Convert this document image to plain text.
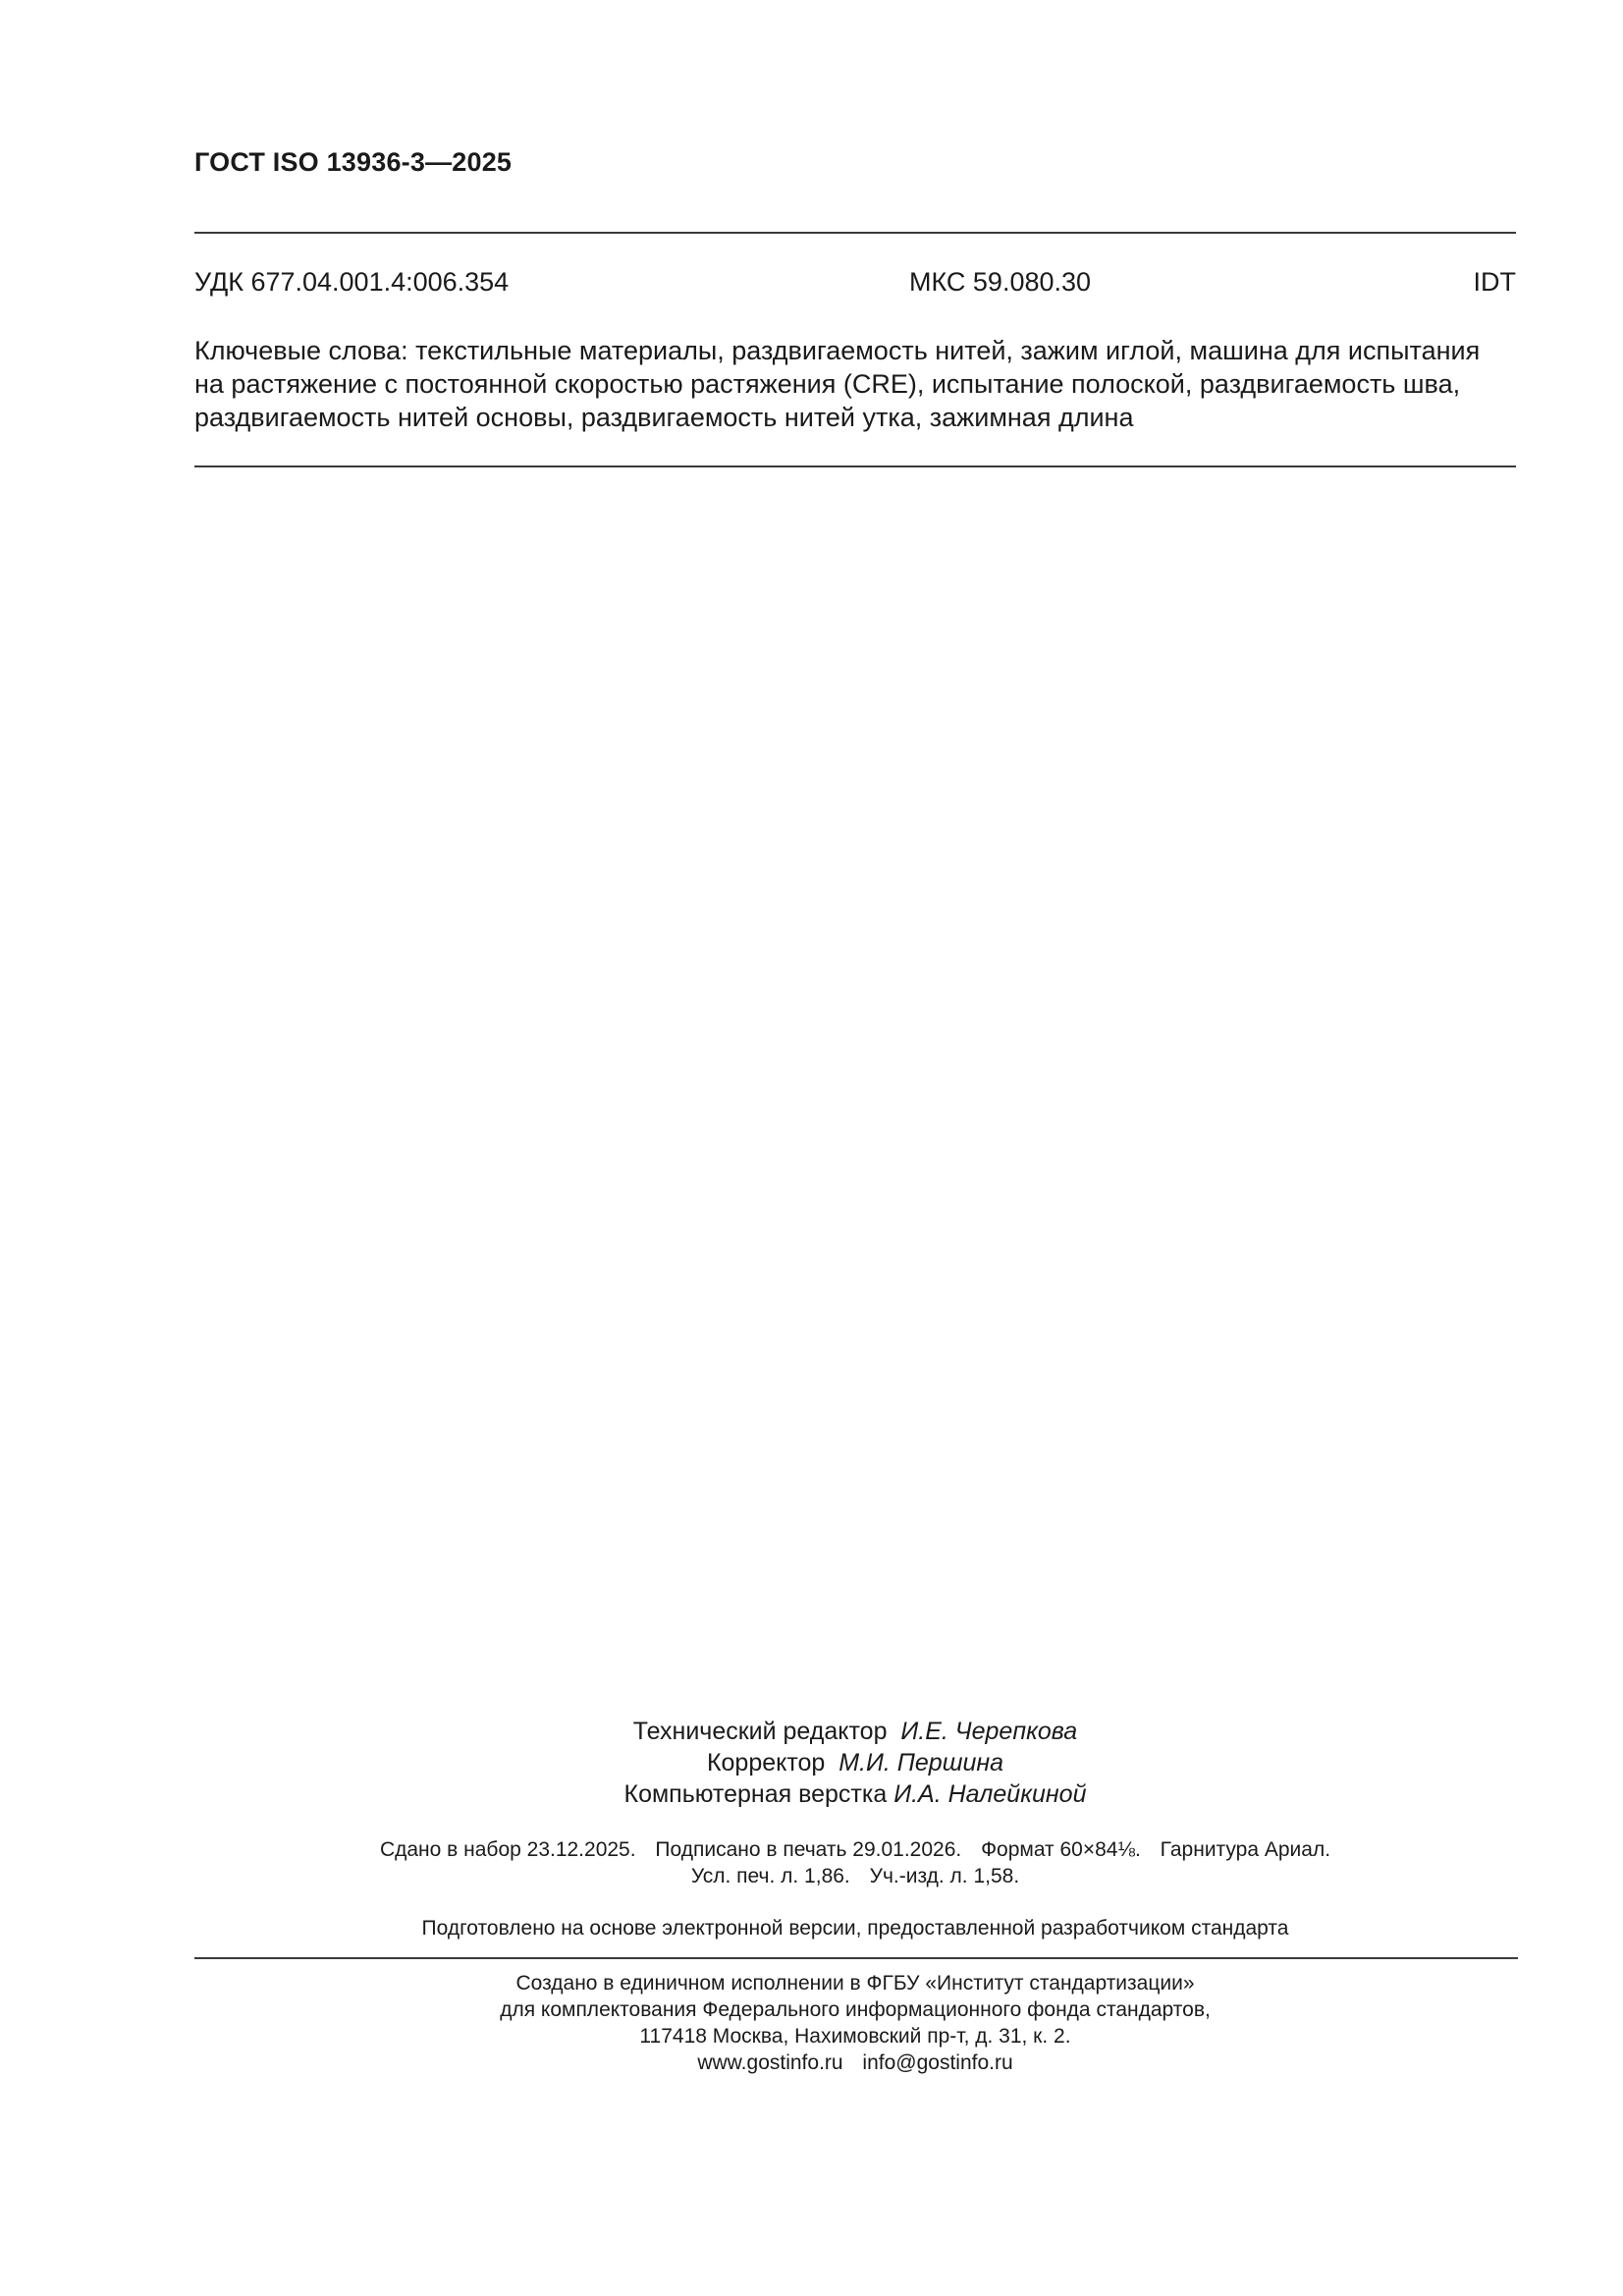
ГОСТ ISO 13936-3—2025
УДК 677.04.001.4:006.354	МКС 59.080.30	IDT
Ключевые слова: текстильные материалы, раздвигаемость нитей, зажим иглой, машина для испытания
на растяжение с постоянной скоростью растяжения (CRE), испытание полоской, раздвигаемость шва,
раздвигаемость нитей основы, раздвигаемость нитей утка, зажимная длина
Технический редактор И.Е. Черепкова
Корректор М.И. Першина
Компьютерная верстка И.А. Налейкиной
Сдано в набор 23.12.2025. Подписано в печать 29.01.2026. Формат 60×84⅛. Гарнитура Ариал.
Усл. печ. л. 1,86. Уч.-изд. л. 1,58.
Подготовлено на основе электронной версии, предоставленной разработчиком стандарта
Создано в единичном исполнении в ФГБУ «Институт стандартизации»
для комплектования Федерального информационного фонда стандартов,
117418 Москва, Нахимовский пр-т, д. 31, к. 2.
www.gostinfo.ru info@gostinfo.ru
